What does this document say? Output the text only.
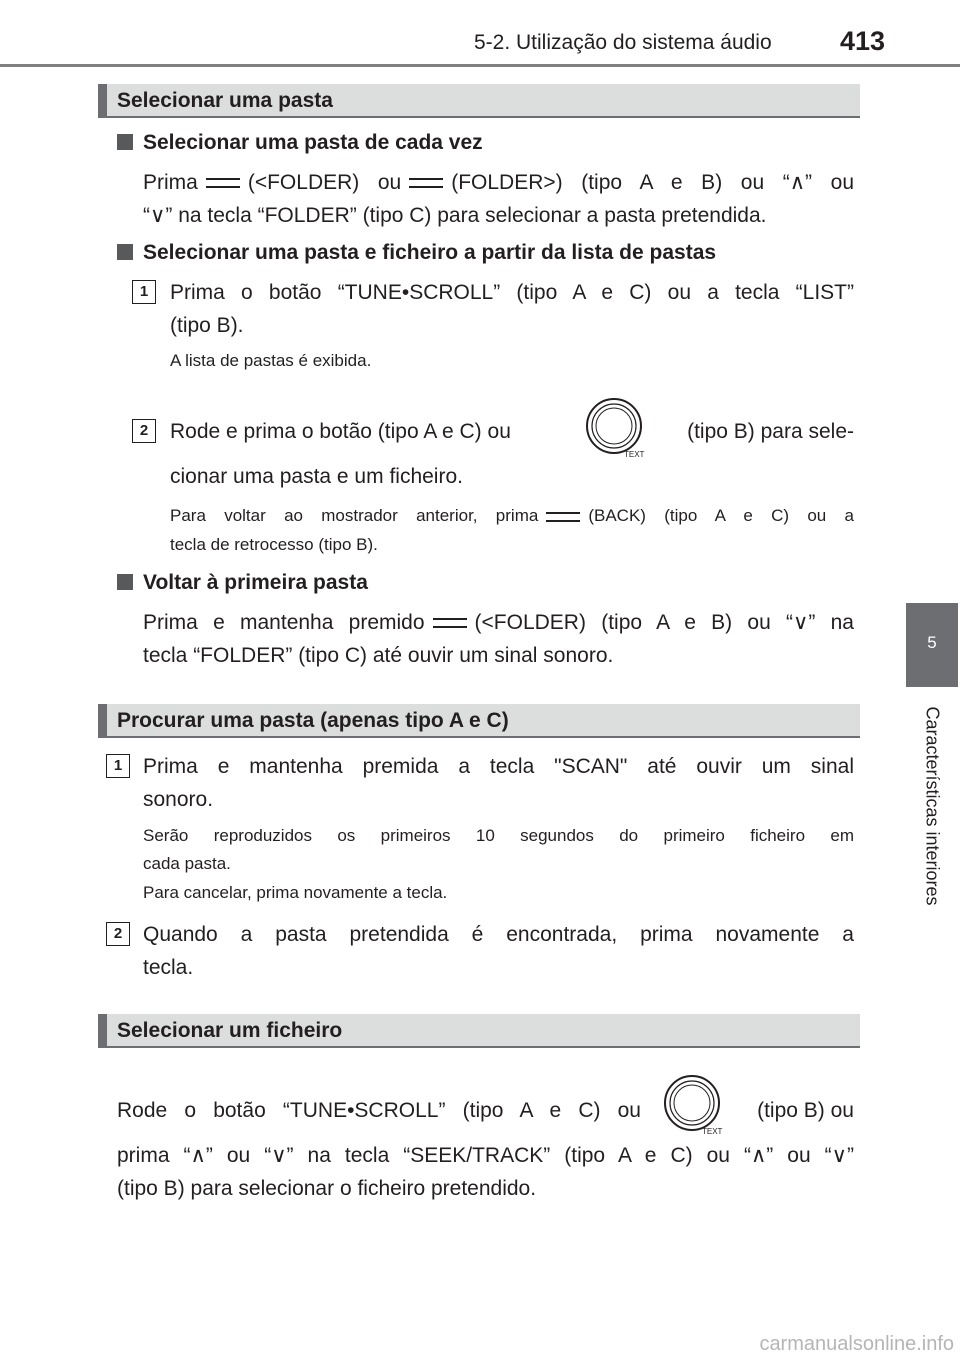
5-2. Utilização do sistema áudio	413
5
Características interiores
Selecionar uma pasta
Selecionar uma pasta de cada vez
Prima (<FOLDER) ou (FOLDER>) (tipo A e B) ou “∧” ou
“∨” na tecla “FOLDER” (tipo C) para selecionar a pasta pretendida.
Selecionar uma pasta e ficheiro a partir da lista de pastas
1	Prima o botão “TUNE•SCROLL” (tipo A e C) ou a tecla “LIST”
(tipo B).
A lista de pastas é exibida.
2	Rode e prima o botão (tipo A e C) ou
TEXT
(tipo B) para sele-
cionar uma pasta e um ficheiro.
Para voltar ao mostrador anterior, prima	(BACK) (tipo A e C) ou a
tecla de retrocesso (tipo B).
Voltar à primeira pasta
Prima e mantenha premido (<FOLDER) (tipo A e B) ou “∨” na
tecla “FOLDER” (tipo C) até ouvir um sinal sonoro.
Procurar uma pasta (apenas tipo A e C)
1 Prima e mantenha premida a tecla "SCAN" até ouvir um sinal
sonoro.
Serão reproduzidos os primeiros 10 segundos do primeiro ficheiro em
cada pasta.
Para cancelar, prima novamente a tecla.
2 Quando a pasta pretendida é encontrada, prima novamente a
tecla.
Selecionar um ficheiro
Rode o botão “TUNE•SCROLL” (tipo A e C) ou
TEXT
(tipo B) ou
prima “∧” ou “∨” na tecla “SEEK/TRACK” (tipo A e C) ou “∧” ou “∨”
(tipo B) para selecionar o ficheiro pretendido.
carmanualsonline.info
